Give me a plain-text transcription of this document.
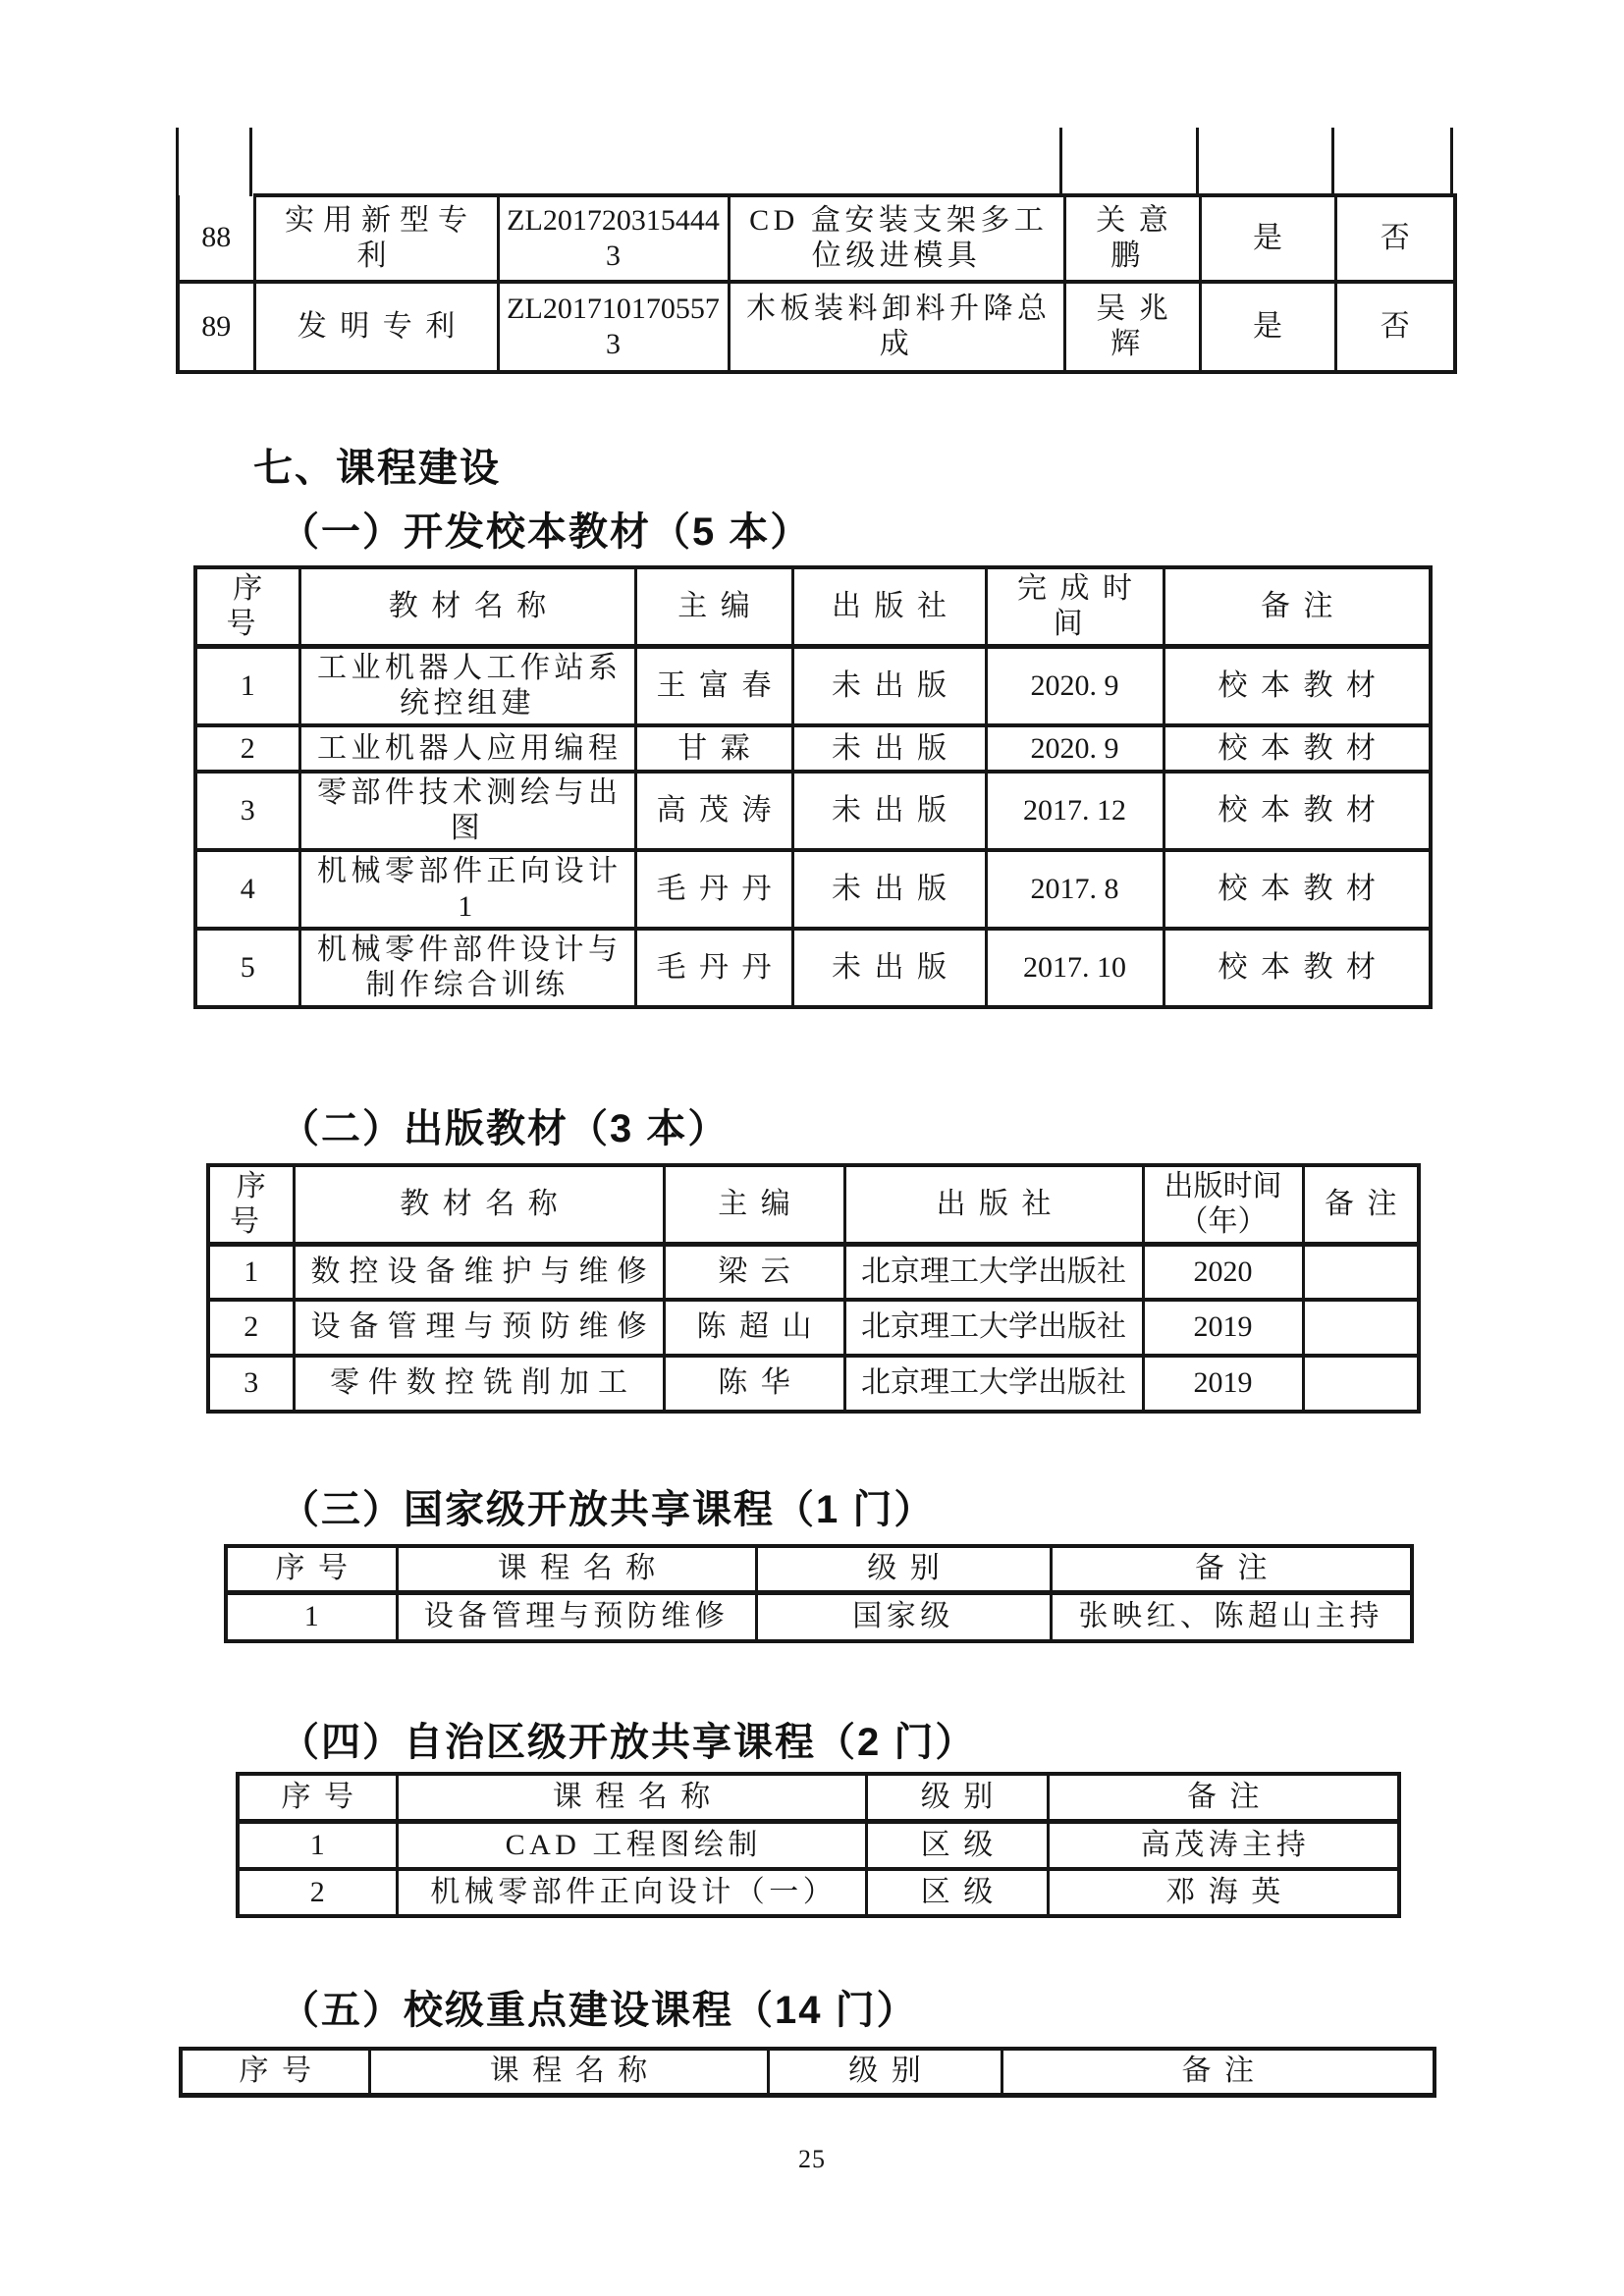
88	实用新型专利	ZL2017203154443	CD 盒安装支架多工位级进模具	关意鹏	是	否
89	发明专利	ZL2017101705573	木板装料卸料升降总成	吴兆辉	是	否
七、课程建设
（一）开发校本教材（5 本）
序号	教材名称	主编	出版社	完成时间	备注
1	工业机器人工作站系统控组建	王富春	未出版	2020. 9	校本教材
2	工业机器人应用编程	甘霖	未出版	2020. 9	校本教材
3	零部件技术测绘与出图	高茂涛	未出版	2017. 12	校本教材
4	机械零部件正向设计 1	毛丹丹	未出版	2017. 8	校本教材
5	机械零件部件设计与制作综合训练	毛丹丹	未出版	2017. 10	校本教材
（二）出版教材（3 本）
序号	教材名称	主编	出版社	出版时间（年）	备注
1	数控设备维护与维修	梁云	北京理工大学出版社	2020	
2	设备管理与预防维修	陈超山	北京理工大学出版社	2019	
3	零件数控铣削加工	陈华	北京理工大学出版社	2019	
（三）国家级开放共享课程（1 门）
序号	课程名称	级别	备注
1	设备管理与预防维修	国家级	张映红、陈超山主持
（四）自治区级开放共享课程（2 门）
序号	课程名称	级别	备注
1	CAD 工程图绘制	区级	高茂涛主持
2	机械零部件正向设计（一）	区级	邓海英
（五）校级重点建设课程（14 门）
序号	课程名称	级别	备注
25
